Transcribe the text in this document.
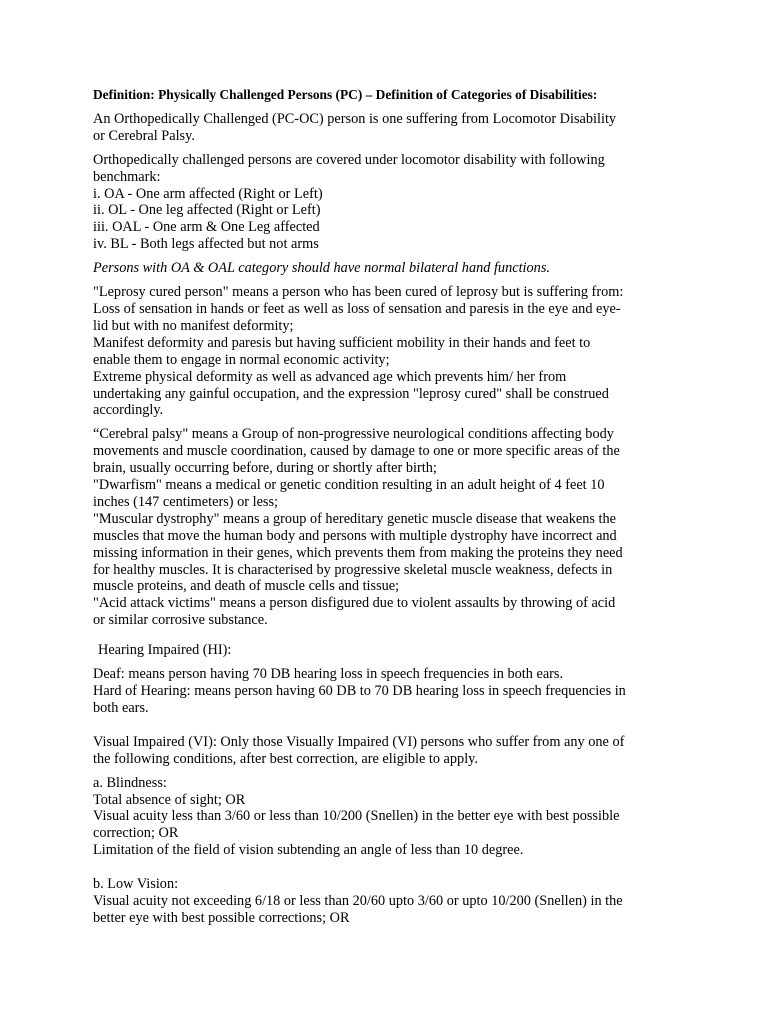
Definition: Physically Challenged Persons (PC) – Definition of Categories of Disabilities:
An Orthopedically Challenged (PC-OC) person is one suffering from Locomotor Disability
or Cerebral Palsy.
Orthopedically challenged persons are covered under locomotor disability with following
benchmark:
i. OA - One arm affected (Right or Left)
ii. OL - One leg affected (Right or Left)
iii. OAL - One arm & One Leg affected
iv. BL - Both legs affected but not arms
Persons with OA & OAL category should have normal bilateral hand functions.
"Leprosy cured person" means a person who has been cured of leprosy but is suffering from:
Loss of sensation in hands or feet as well as loss of sensation and paresis in the eye and eye-
lid but with no manifest deformity;
Manifest deformity and paresis but having sufficient mobility in their hands and feet to
enable them to engage in normal economic activity;
Extreme physical deformity as well as advanced age which prevents him/ her from
undertaking any gainful occupation, and the expression "leprosy cured" shall be construed
accordingly.
“Cerebral palsy" means a Group of non-progressive neurological conditions affecting body
movements and muscle coordination, caused by damage to one or more specific areas of the
brain, usually occurring before, during or shortly after birth;
"Dwarfism" means a medical or genetic condition resulting in an adult height of 4 feet 10
inches (147 centimeters) or less;
"Muscular dystrophy" means a group of hereditary genetic muscle disease that weakens the
muscles that move the human body and persons with multiple dystrophy have incorrect and
missing information in their genes, which prevents them from making the proteins they need
for healthy muscles. It is characterised by progressive skeletal muscle weakness, defects in
muscle proteins, and death of muscle cells and tissue;
"Acid attack victims" means a person disfigured due to violent assaults by throwing of acid
or similar corrosive substance.
Hearing Impaired (HI):
Deaf: means person having 70 DB hearing loss in speech frequencies in both ears.
Hard of Hearing: means person having 60 DB to 70 DB hearing loss in speech frequencies in
both ears.
Visual Impaired (VI): Only those Visually Impaired (VI) persons who suffer from any one of
the following conditions, after best correction, are eligible to apply.
a. Blindness:
Total absence of sight; OR
Visual acuity less than 3/60 or less than 10/200 (Snellen) in the better eye with best possible
correction; OR
Limitation of the field of vision subtending an angle of less than 10 degree.
b. Low Vision:
Visual acuity not exceeding 6/18 or less than 20/60 upto 3/60 or upto 10/200 (Snellen) in the
better eye with best possible corrections; OR
